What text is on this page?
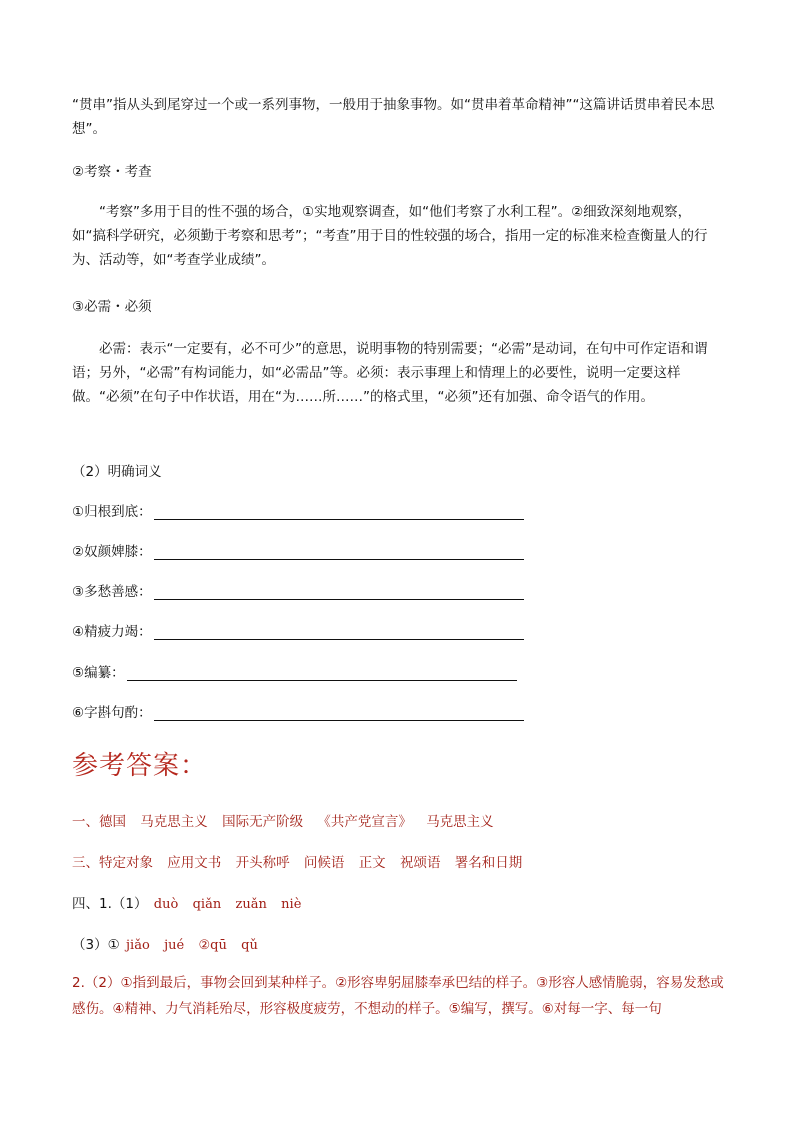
“贯串”指从头到尾穿过一个或一系列事物，一般用于抽象事物。如“贯串着革命精神”“这篇讲话贯串着民本思想”。

②考察・考查

“考察”多用于目的性不强的场合，①实地观察调查，如“他们考察了水利工程”。②细致深刻地观察，如“搞科学研究，必须勤于考察和思考”；“考查”用于目的性较强的场合，指用一定的标准来检查衡量人的行为、活动等，如“考查学业成绩”。

③必需・必须

必需：表示“一定要有，必不可少”的意思，说明事物的特别需要；“必需”是动词，在句中可作定语和谓语；另外，“必需”有构词能力，如“必需品”等。必须：表示事理上和情理上的必要性，说明一定要这样做。“必须”在句子中作状语，用在“为……所……”的格式里，“必须”还有加强、命令语气的作用。

（2）明确词义

①归根到底：
②奴颜婢膝：
③多愁善感：
④精疲力竭：
⑤编纂：
⑥字斟句酌：
参考答案：
一、德国 马克思主义 国际无产阶级 《共产党宣言》 马克思主义
三、特定对象 应用文书 开头称呼 问候语 正文 祝颂语 署名和日期
四、1.（1） duò qiǎn zuǎn niè
（3）① jiǎo jué ②qū qǔ

2.（2）①指到最后，事物会回到某种样子。②形容卑躬屈膝奉承巴结的样子。③形容人感情脆弱，容易发愁或感伤。④精神、力气消耗殆尽，形容极度疲劳，不想动的样子。⑤编写，撰写。⑥对每一字、每一句
